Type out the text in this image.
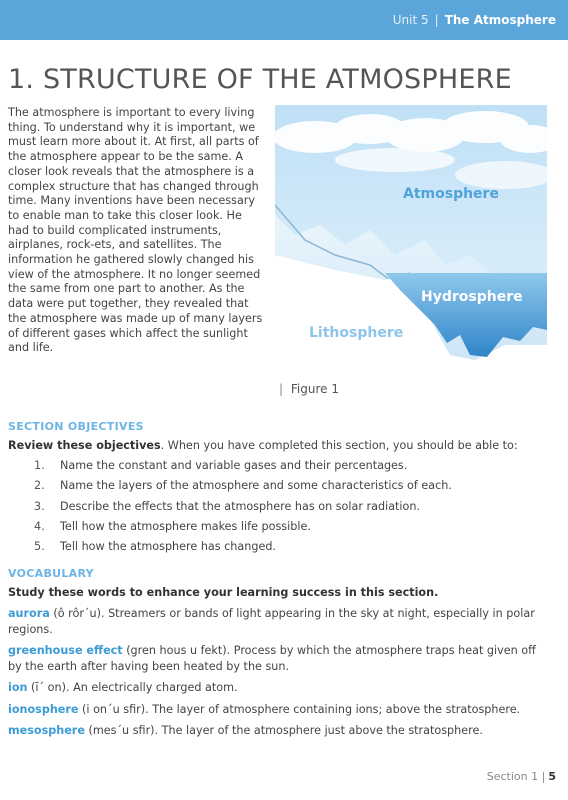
Unit 5 | The Atmosphere
1. STRUCTURE OF THE ATMOSPHERE

The atmosphere is important to every living thing. To understand why it is important, we must learn more about it. At first, all parts of the atmosphere appear to be the same. A closer look reveals that the atmosphere is a complex structure that has changed through time. Many inventions have been necessary to enable man to take this closer look. He had to build complicated instruments, airplanes, rock-ets, and satellites. The information he gathered slowly changed his view of the atmosphere. It no longer seemed the same from one part to another. As the data were put together, they revealed that the atmosphere was made up of many layers of different gases which affect the sunlight and life.

Atmosphere
Hydrosphere
Lithosphere
| Figure 1
SECTION OBJECTIVES
Review these objectives. When you have completed this section, you should be able to:
1.	Name the constant and variable gases and their percentages.
2.	Name the layers of the atmosphere and some characteristics of each.
3.	Describe the effects that the atmosphere has on solar radiation.
4.	Tell how the atmosphere makes life possible.
5.	Tell how the atmosphere has changed.
VOCABULARY
Study these words to enhance your learning success in this section.

aurora (ô rôr´u). Streamers or bands of light appearing in the sky at night, especially in polar regions.

greenhouse effect (gren hous u fekt). Process by which the atmosphere traps heat given off by the earth after having been heated by the sun.

ion (ī´ on). An electrically charged atom.

ionosphere (i on´u sfir). The layer of atmosphere containing ions; above the stratosphere.

mesosphere (mes´u sfir). The layer of the atmosphere just above the stratosphere.

Section 1 | 5
